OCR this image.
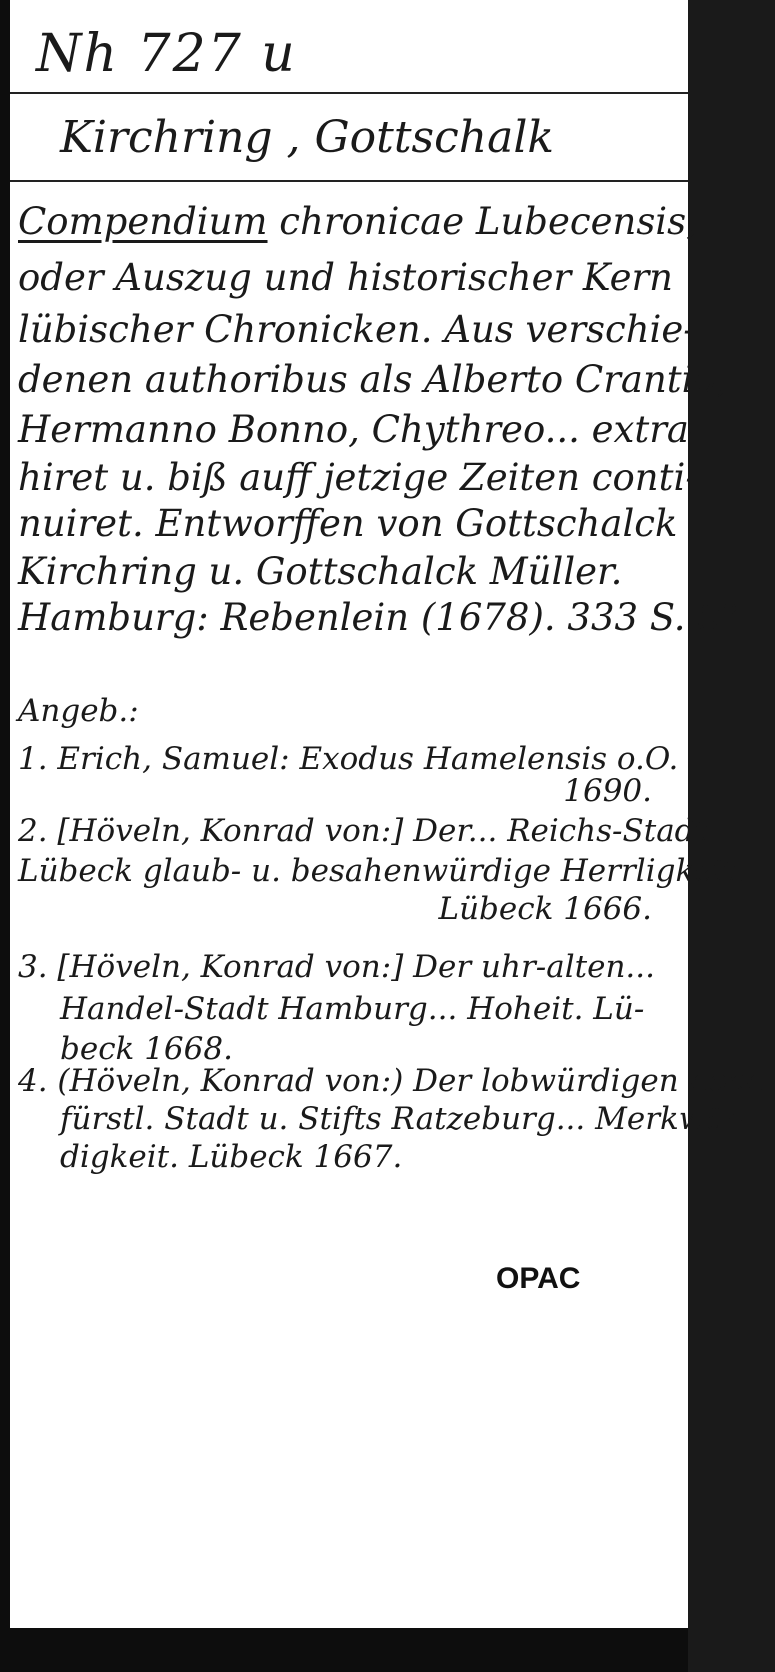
Nh 727 u
Kirchring , Gottschalk
Compendium chronicae Lubecensis,
oder Auszug und historischer Kern
lübischer Chronicken. Aus verschie-
denen authoribus als Alberto Crantio,
Hermanno Bonno, Chythreo... extra-
hiret u. biß auff jetzige Zeiten conti-
nuiret. Entworffen von Gottschalck
Kirchring u. Gottschalck Müller.
Hamburg: Rebenlein (1678). 333 S. 8°
Angeb.:
1. Erich, Samuel: Exodus Hamelensis o.O.
1690.
2. [Höveln, Konrad von:] Der... Reichs-Stadt
Lübeck glaub- u. besahenwürdige Herrligkeit.
Lübeck 1666.
3. [Höveln, Konrad von:] Der uhr-alten...
Handel-Stadt Hamburg... Hoheit. Lü-
beck 1668.
4. (Höveln, Konrad von:) Der lobwürdigen hoch-
fürstl. Stadt u. Stifts Ratzeburg... Merkwür-
digkeit. Lübeck 1667.
OPAC
